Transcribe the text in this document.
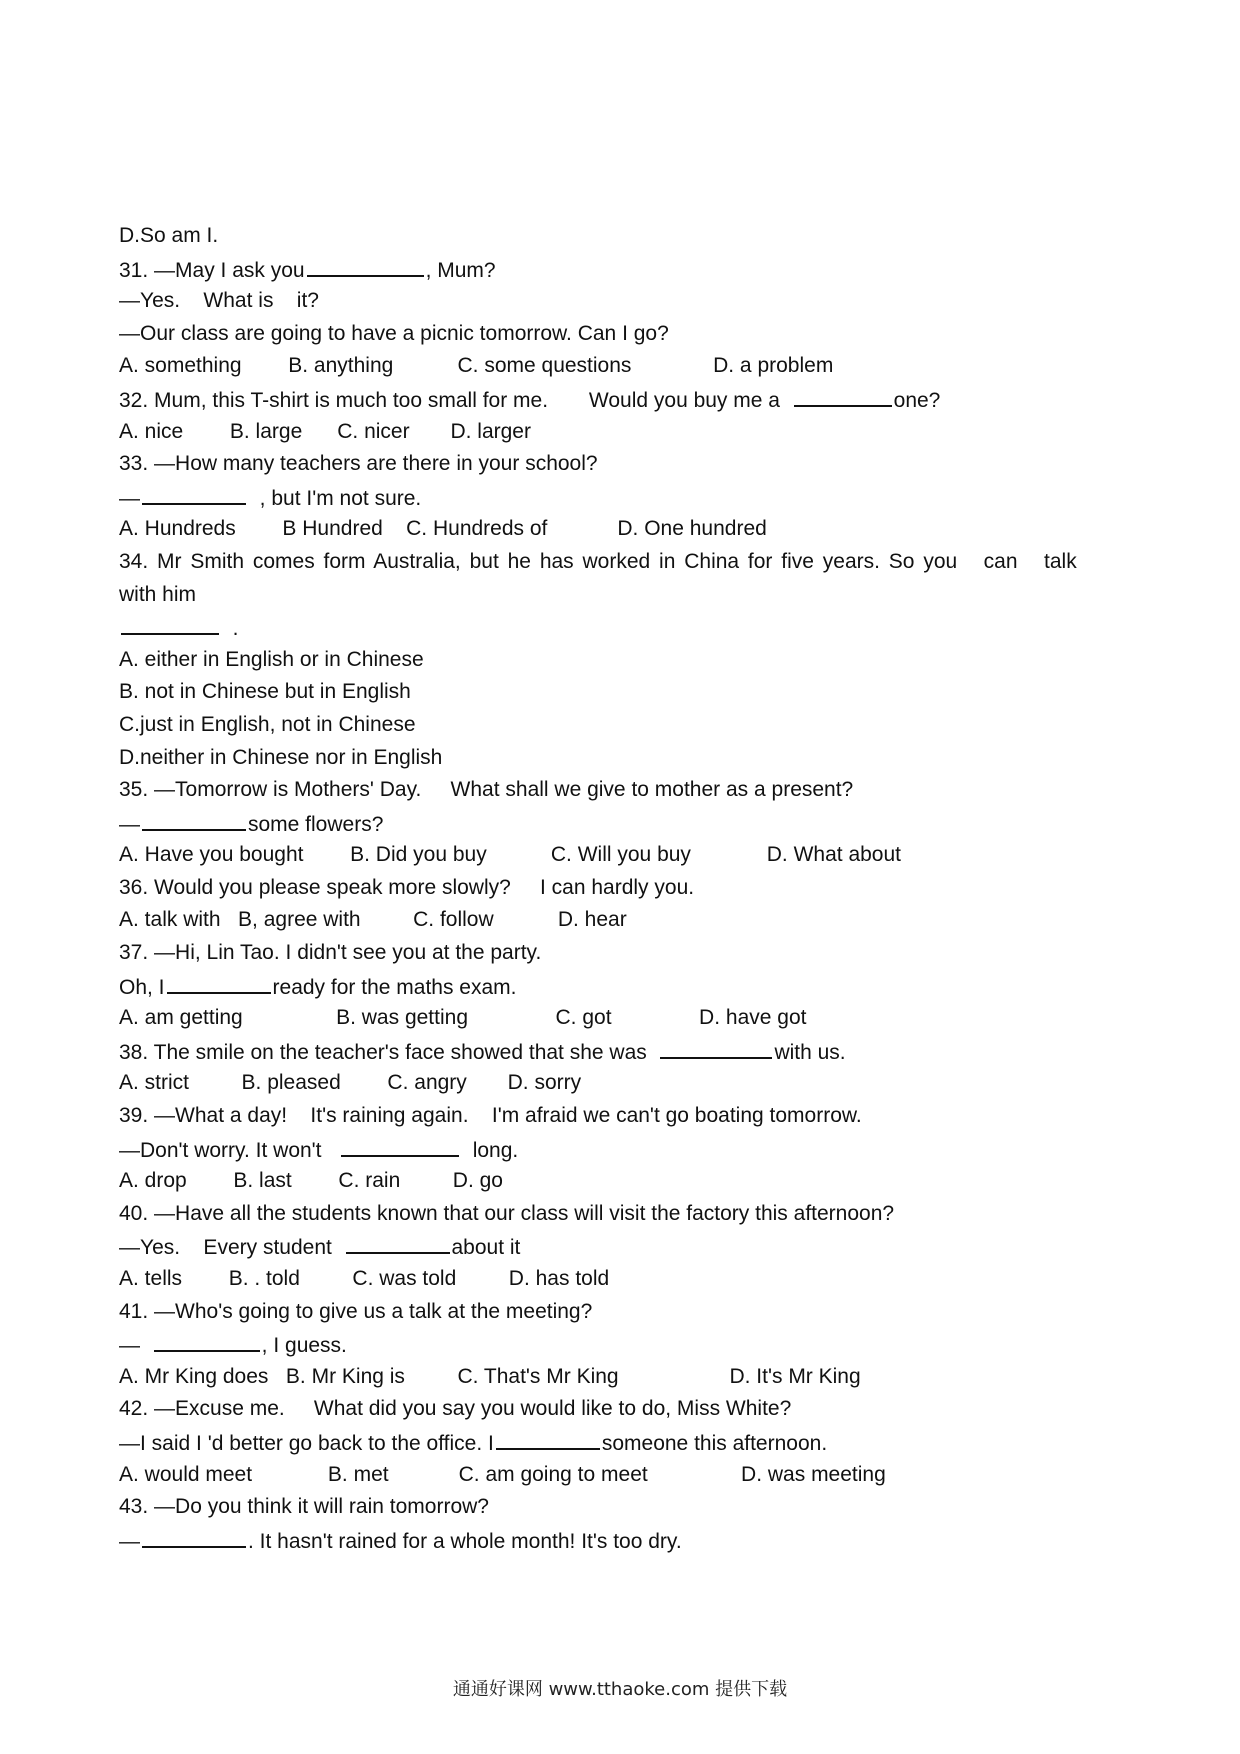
D.So am I.
31. —May I ask you	, Mum?
—Yes.    What is    it?
—Our class are going to have a picnic tomorrow. Can I go?
A. something        B. anything           C. some questions              D. a problem
32. Mum, this T-shirt is much too small for me.       Would you buy me a	one?
A. nice        B. large      C. nicer       D. larger
33. —How many teachers are there in your school?
—	, but I'm not sure.
A. Hundreds        B Hundred    C. Hundreds of            D. One hundred
34. Mr Smith comes form Australia, but he has worked in China for five years. So you   can   talk
with him
.
A. either in English or in Chinese
B. not in Chinese but in English
C.just in English, not in Chinese
D.neither in Chinese nor in English
35. —Tomorrow is Mothers' Day.     What shall we give to mother as a present?
—	some flowers?
A. Have you bought        B. Did you buy           C. Will you buy             D. What about
36. Would you please speak more slowly?     I can hardly you.
A. talk with   B, agree with         C. follow           D. hear
37. —Hi, Lin Tao. I didn't see you at the party.
Oh, I	ready for the maths exam.
A. am getting                B. was getting               C. got               D. have got
38. The smile on the teacher's face showed that she was	with us.
A. strict         B. pleased        C. angry       D. sorry
39. —What a day!    It's raining again.    I'm afraid we can't go boating tomorrow.
—Don't worry. It won't	long.
A. drop        B. last        C. rain         D. go
40. —Have all the students known that our class will visit the factory this afternoon?
—Yes.    Every student	about it
A. tells        B. . told         C. was told         D. has told
41. —Who's going to give us a talk at the meeting?
—	, I guess.
A. Mr King does   B. Mr King is         C. That's Mr King                   D. It's Mr King
42. —Excuse me.     What did you say you would like to do, Miss White?
—I said I 'd better go back to the office. I	someone this afternoon.
A. would meet             B. met            C. am going to meet                D. was meeting
43. —Do you think it will rain tomorrow?
—	. It hasn't rained for a whole month! It's too dry.
通通好课网 www.tthaoke.com 提供下载
